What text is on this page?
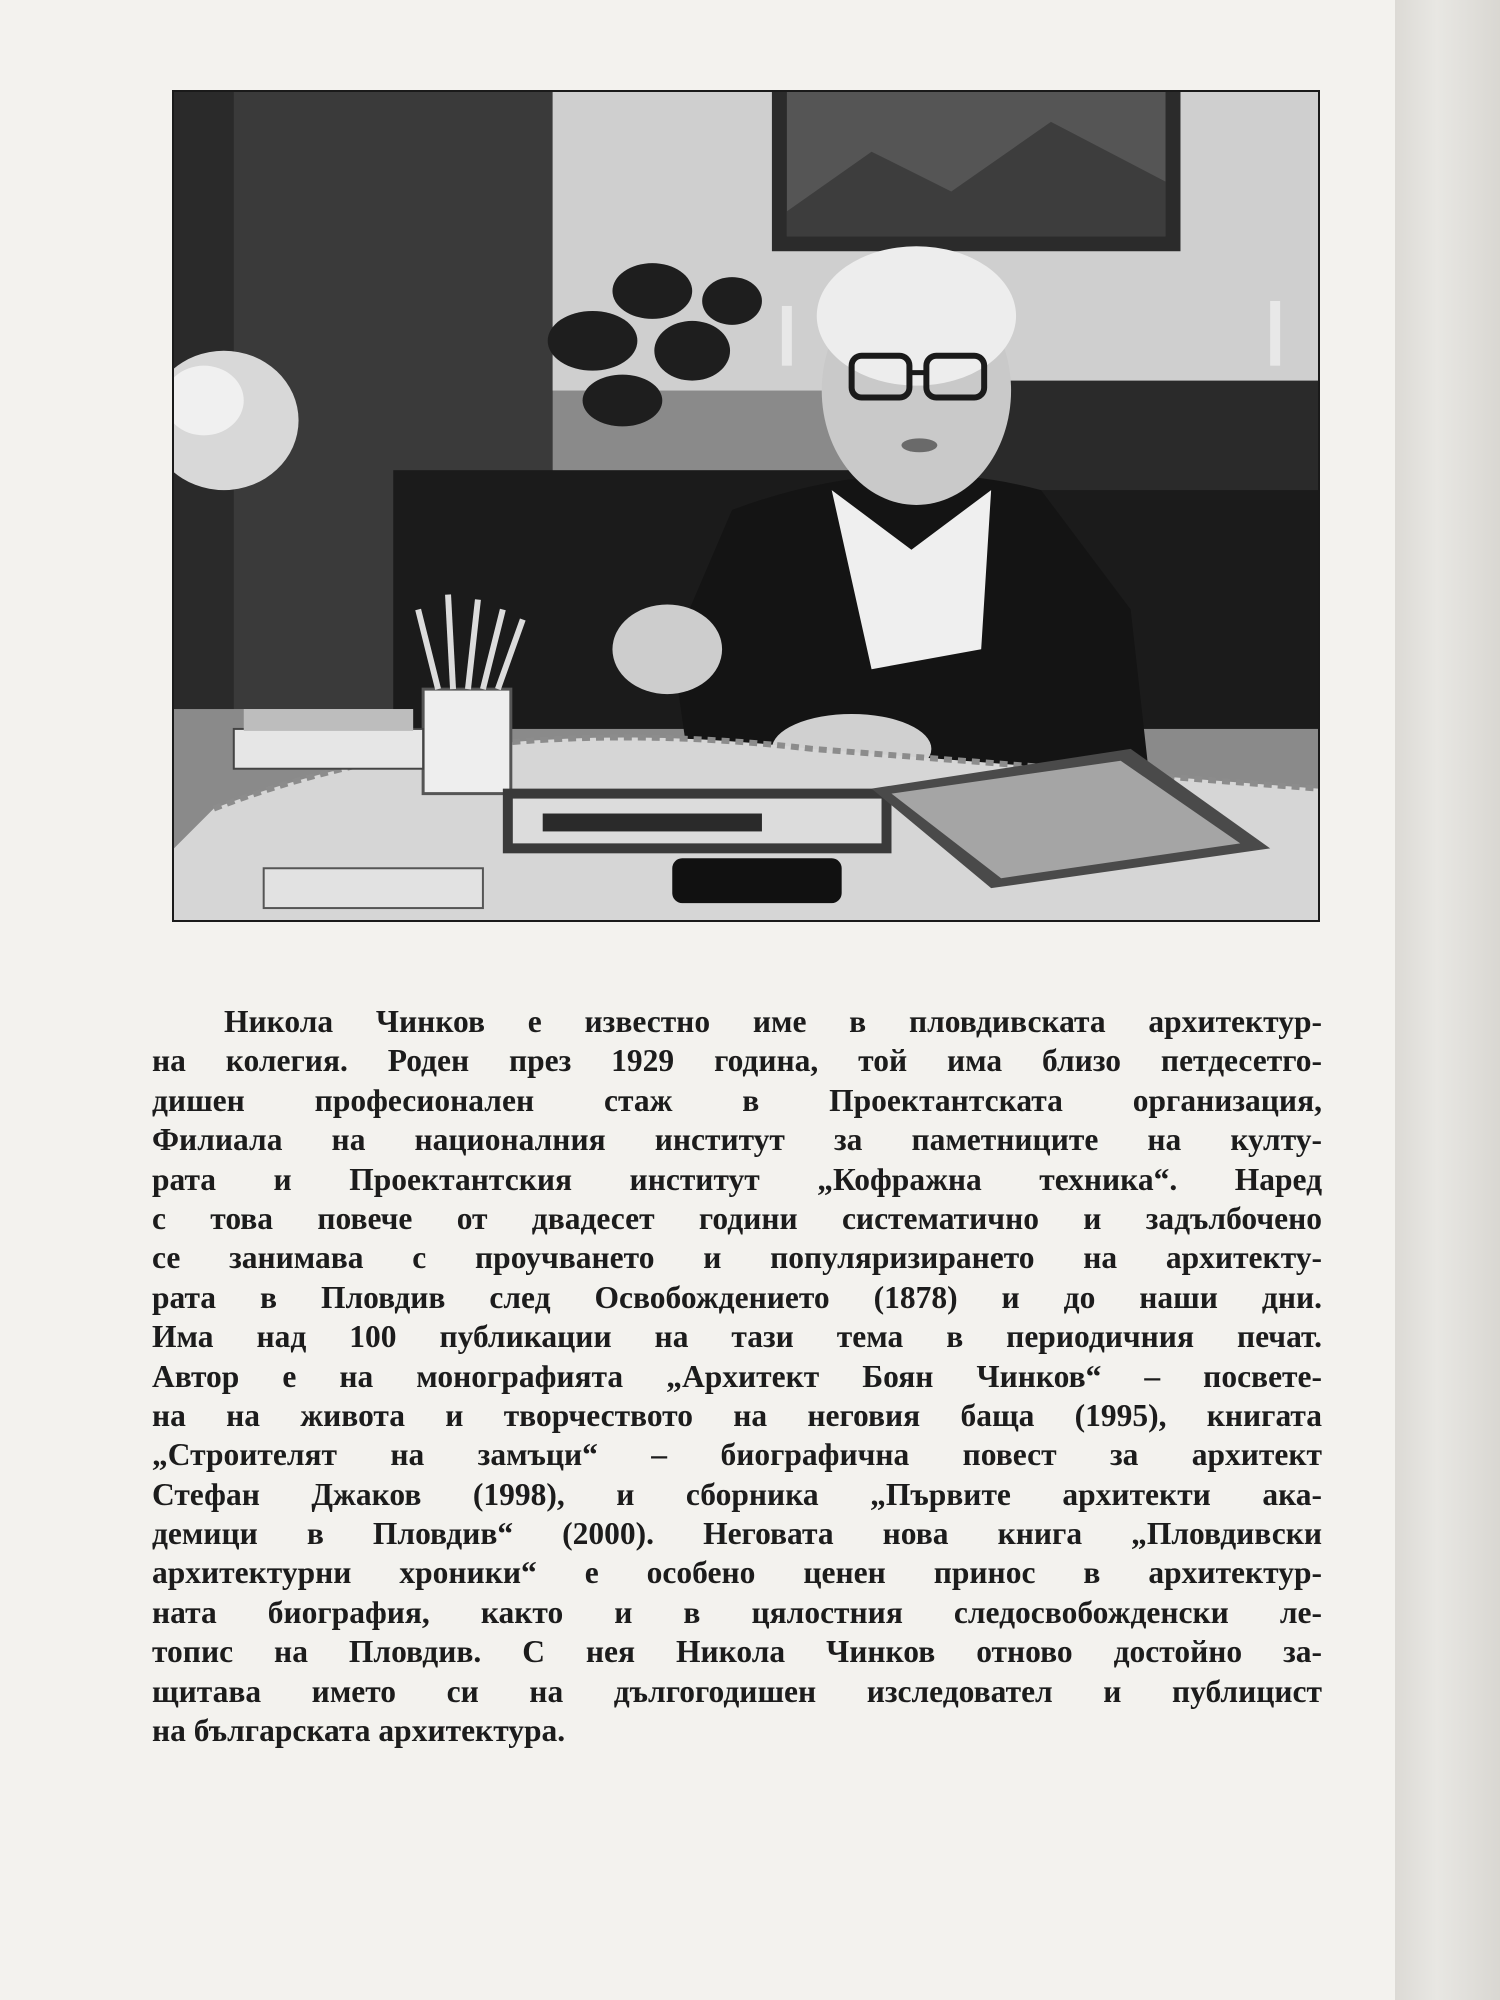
Никола Чинков е известно име в пловдивската архитектур-
на колегия. Роден през 1929 година, той има близо петдесетго-
дишен професионален стаж в Проектантската организация,
Филиала на националния институт за паметниците на култу-
рата и Проектантския институт „Кофражна техника“. Наред
с това повече от двадесет години систематично и задълбочено
се занимава с проучването и популяризирането на архитекту-
рата в Пловдив след Освобождението (1878) и до наши дни.
Има над 100 публикации на тази тема в периодичния печат.
Автор е на монографията „Архитект Боян Чинков“ – посвете-
на на живота и творчеството на неговия баща (1995), книгата
„Строителят на замъци“ – биографична повест за архитект
Стефан Джаков (1998), и сборника „Първите архитекти ака-
демици в Пловдив“ (2000). Неговата нова книга „Пловдивски
архитектурни хроники“ е особено ценен принос в архитектур-
ната биография, както и в цялостния следосвобожденски ле-
топис на Пловдив. С нея Никола Чинков отново достойно за-
щитава името си на дългогодишен изследовател и публицист
на българската архитектура.
